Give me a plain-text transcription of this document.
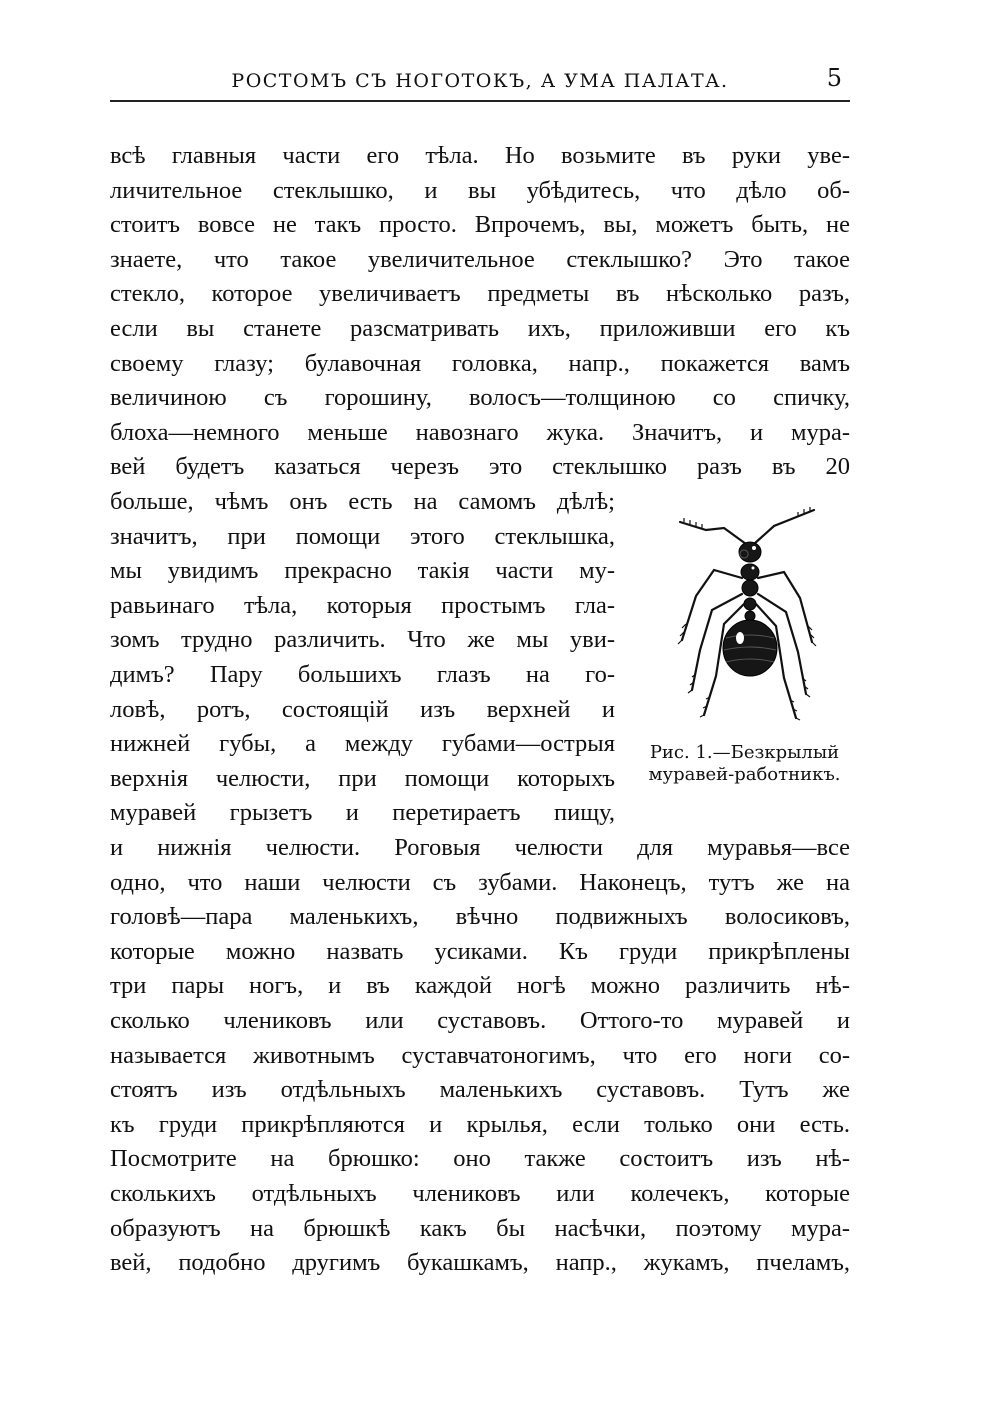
РОСТОМЪ СЪ НОГОТОКЪ, А УМА ПАЛАТА.	5
всѣ главныя части его тѣла. Но возьмите въ руки уве-
личительное стеклышко, и вы убѣдитесь, что дѣло об-
стоитъ вовсе не такъ просто. Впрочемъ, вы, можетъ быть, не
знаете, что такое увеличительное стеклышко? Это такое
стекло, которое увеличиваетъ предметы въ нѣсколько разъ,
если вы станете разсматривать ихъ, приложивши его къ
своему глазу; булавочная головка, напр., покажется вамъ
величиною съ горошину, волосъ—толщиною со спичку,
блоха—немного меньше навознаго жука. Значитъ, и мура-
вей будетъ казаться черезъ это стеклышко разъ въ 20
больше, чѣмъ онъ есть на самомъ дѣлѣ;
значитъ, при помощи этого стеклышка,
мы увидимъ прекрасно такія части му-
равьинаго тѣла, которыя простымъ гла-
зомъ трудно различить. Что же мы уви-
димъ? Пару большихъ глазъ на го-
ловѣ, ротъ, состоящій изъ верхней и
нижней губы, а между губами—острыя
верхнія челюсти, при помощи которыхъ
муравей грызетъ и перетираетъ пищу,
Рис. 1.—Безкрылый
муравей-работникъ.
и нижнія челюсти. Роговыя челюсти для муравья—все
одно, что наши челюсти съ зубами. Наконецъ, тутъ же на
головѣ—пара маленькихъ, вѣчно подвижныхъ волосиковъ,
которые можно назвать усиками. Къ груди прикрѣплены
три пары ногъ, и въ каждой ногѣ можно различить нѣ-
сколько члениковъ или суставовъ. Оттого-то муравей и
называется животнымъ суставчатоногимъ, что его ноги со-
стоятъ изъ отдѣльныхъ маленькихъ суставовъ. Тутъ же
къ груди прикрѣпляются и крылья, если только они есть.
Посмотрите на брюшко: оно также состоитъ изъ нѣ-
сколькихъ отдѣльныхъ члениковъ или колечекъ, которые
образуютъ на брюшкѣ какъ бы насѣчки, поэтому мура-
вей, подобно другимъ букашкамъ, напр., жукамъ, пчеламъ,
